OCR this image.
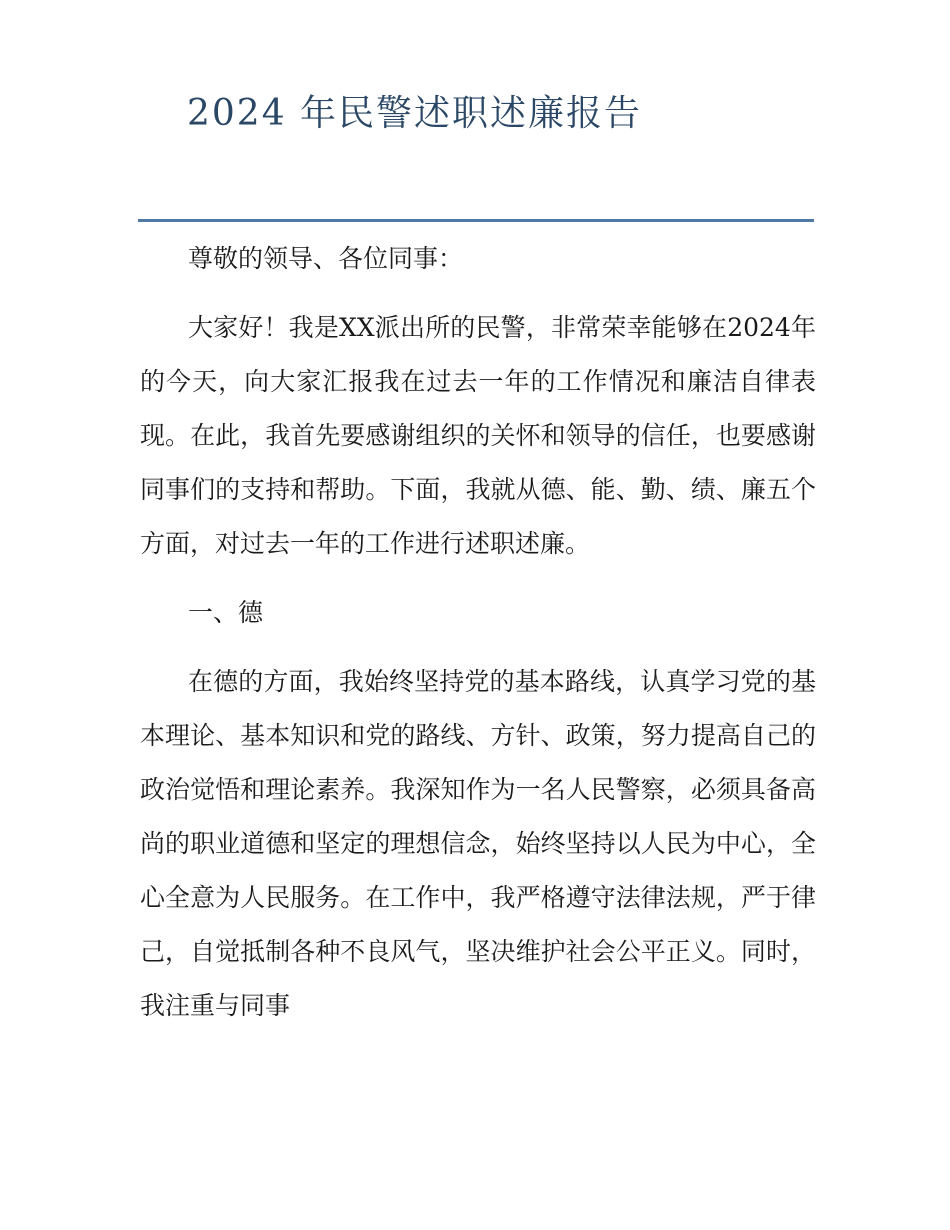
2024 年民警述职述廉报告

尊敬的领导、各位同事：

大家好！我是XX派出所的民警，非常荣幸能够在2024年的今天，向大家汇报我在过去一年的工作情况和廉洁自律表现。在此，我首先要感谢组织的关怀和领导的信任，也要感谢同事们的支持和帮助。下面，我就从德、能、勤、绩、廉五个方面，对过去一年的工作进行述职述廉。

一、德

在德的方面，我始终坚持党的基本路线，认真学习党的基本理论、基本知识和党的路线、方针、政策，努力提高自己的政治觉悟和理论素养。我深知作为一名人民警察，必须具备高尚的职业道德和坚定的理想信念，始终坚持以人民为中心，全心全意为人民服务。在工作中，我严格遵守法律法规，严于律己，自觉抵制各种不良风气，坚决维护社会公平正义。同时，我注重与同事
